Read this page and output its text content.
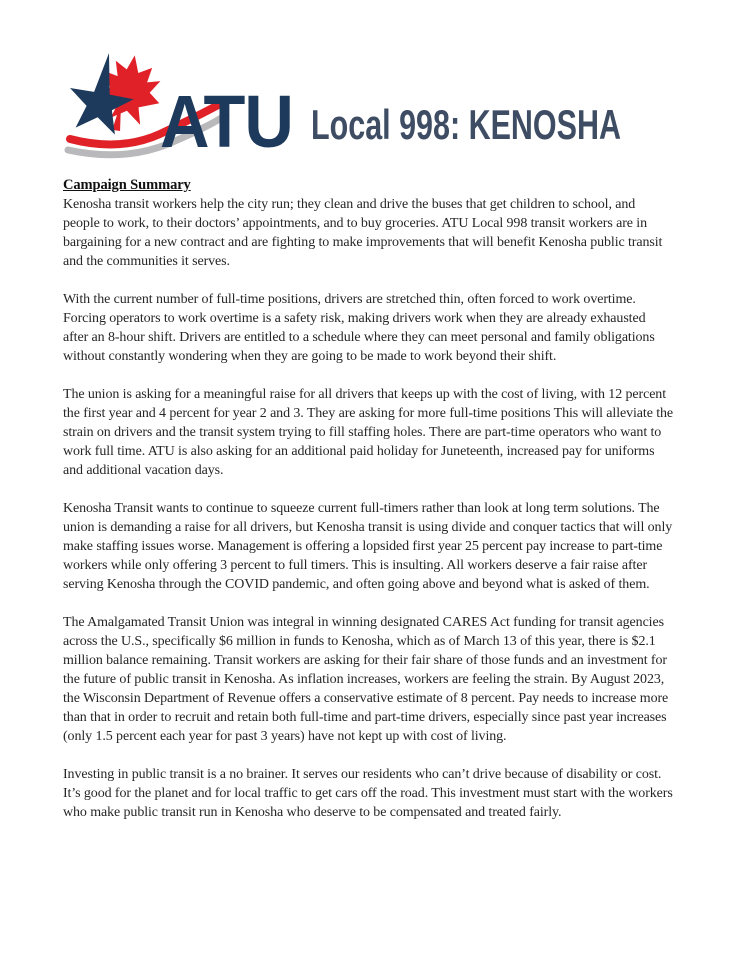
ATU Local 998: KENOSHA
Campaign Summary

Kenosha transit workers help the city run; they clean and drive the buses that get children to school, and people to work, to their doctors’ appointments, and to buy groceries. ATU Local 998 transit workers are in bargaining for a new contract and are fighting to make improvements that will benefit Kenosha public transit and the communities it serves.

With the current number of full-time positions, drivers are stretched thin, often forced to work overtime. Forcing operators to work overtime is a safety risk, making drivers work when they are already exhausted after an 8-hour shift. Drivers are entitled to a schedule where they can meet personal and family obligations without constantly wondering when they are going to be made to work beyond their shift.

The union is asking for a meaningful raise for all drivers that keeps up with the cost of living, with 12 percent the first year and 4 percent for year 2 and 3. They are asking for more full-time positions This will alleviate the strain on drivers and the transit system trying to fill staffing holes. There are part-time operators who want to work full time. ATU is also asking for an additional paid holiday for Juneteenth, increased pay for uniforms and additional vacation days.

Kenosha Transit wants to continue to squeeze current full-timers rather than look at long term solutions. The union is demanding a raise for all drivers, but Kenosha transit is using divide and conquer tactics that will only make staffing issues worse. Management is offering a lopsided first year 25 percent pay increase to part-time workers while only offering 3 percent to full timers. This is insulting. All workers deserve a fair raise after serving Kenosha through the COVID pandemic, and often going above and beyond what is asked of them.

The Amalgamated Transit Union was integral in winning designated CARES Act funding for transit agencies across the U.S., specifically $6 million in funds to Kenosha, which as of March 13 of this year, there is $2.1 million balance remaining. Transit workers are asking for their fair share of those funds and an investment for the future of public transit in Kenosha. As inflation increases, workers are feeling the strain. By August 2023, the Wisconsin Department of Revenue offers a conservative estimate of 8 percent. Pay needs to increase more than that in order to recruit and retain both full-time and part-time drivers, especially since past year increases (only 1.5 percent each year for past 3 years) have not kept up with cost of living.

Investing in public transit is a no brainer. It serves our residents who can’t drive because of disability or cost. It’s good for the planet and for local traffic to get cars off the road. This investment must start with the workers who make public transit run in Kenosha who deserve to be compensated and treated fairly.
